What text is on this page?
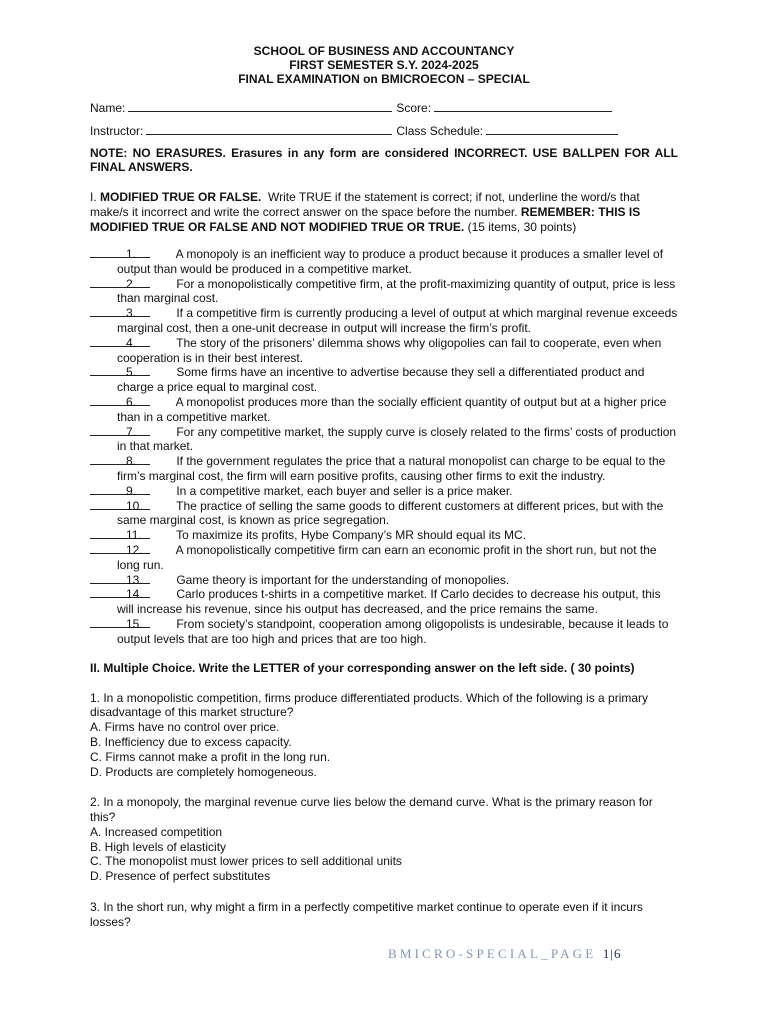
SCHOOL OF BUSINESS AND ACCOUNTANCY
FIRST SEMESTER S.Y. 2024-2025
FINAL EXAMINATION on BMICROECON – SPECIAL
Name:	Score:
Instructor:	Class Schedule:
NOTE: NO ERASURES. Erasures in any form are considered INCORRECT. USE BALLPEN FOR ALL FINAL ANSWERS.
I. MODIFIED TRUE OR FALSE. Write TRUE if the statement is correct; if not, underline the word/s that make/s it incorrect and write the correct answer on the space before the number. REMEMBER: THIS IS MODIFIED TRUE OR FALSE AND NOT MODIFIED TRUE OR TRUE. (15 items, 30 points)
1.	A monopoly is an inefficient way to produce a product because it produces a smaller level of output than would be produced in a competitive market.
2.	For a monopolistically competitive firm, at the profit-maximizing quantity of output, price is less than marginal cost.
3.	If a competitive firm is currently producing a level of output at which marginal revenue exceeds marginal cost, then a one-unit decrease in output will increase the firm’s profit.
4.	The story of the prisoners’ dilemma shows why oligopolies can fail to cooperate, even when cooperation is in their best interest.
5.	Some firms have an incentive to advertise because they sell a differentiated product and charge a price equal to marginal cost.
6.	A monopolist produces more than the socially efficient quantity of output but at a higher price than in a competitive market.
7.	For any competitive market, the supply curve is closely related to the firms’ costs of production in that market.
8.	If the government regulates the price that a natural monopolist can charge to be equal to the firm’s marginal cost, the firm will earn positive profits, causing other firms to exit the industry.
9.	In a competitive market, each buyer and seller is a price maker.
10.	The practice of selling the same goods to different customers at different prices, but with the same marginal cost, is known as price segregation.
11.	To maximize its profits, Hybe Company’s MR should equal its MC.
12.	A monopolistically competitive firm can earn an economic profit in the short run, but not the long run.
13.	Game theory is important for the understanding of monopolies.
14.	Carlo produces t-shirts in a competitive market. If Carlo decides to decrease his output, this will increase his revenue, since his output has decreased, and the price remains the same.
15.	From society’s standpoint, cooperation among oligopolists is undesirable, because it leads to output levels that are too high and prices that are too high.
II. Multiple Choice. Write the LETTER of your corresponding answer on the left side. ( 30 points)
1. In a monopolistic competition, firms produce differentiated products. Which of the following is a primary disadvantage of this market structure?
A. Firms have no control over price.
B. Inefficiency due to excess capacity.
C. Firms cannot make a profit in the long run.
D. Products are completely homogeneous.
2. In a monopoly, the marginal revenue curve lies below the demand curve. What is the primary reason for this?
A. Increased competition
B. High levels of elasticity
C. The monopolist must lower prices to sell additional units
D. Presence of perfect substitutes
3. In the short run, why might a firm in a perfectly competitive market continue to operate even if it incurs losses?
BMICRO-SPECIAL_PAGE 1|6
